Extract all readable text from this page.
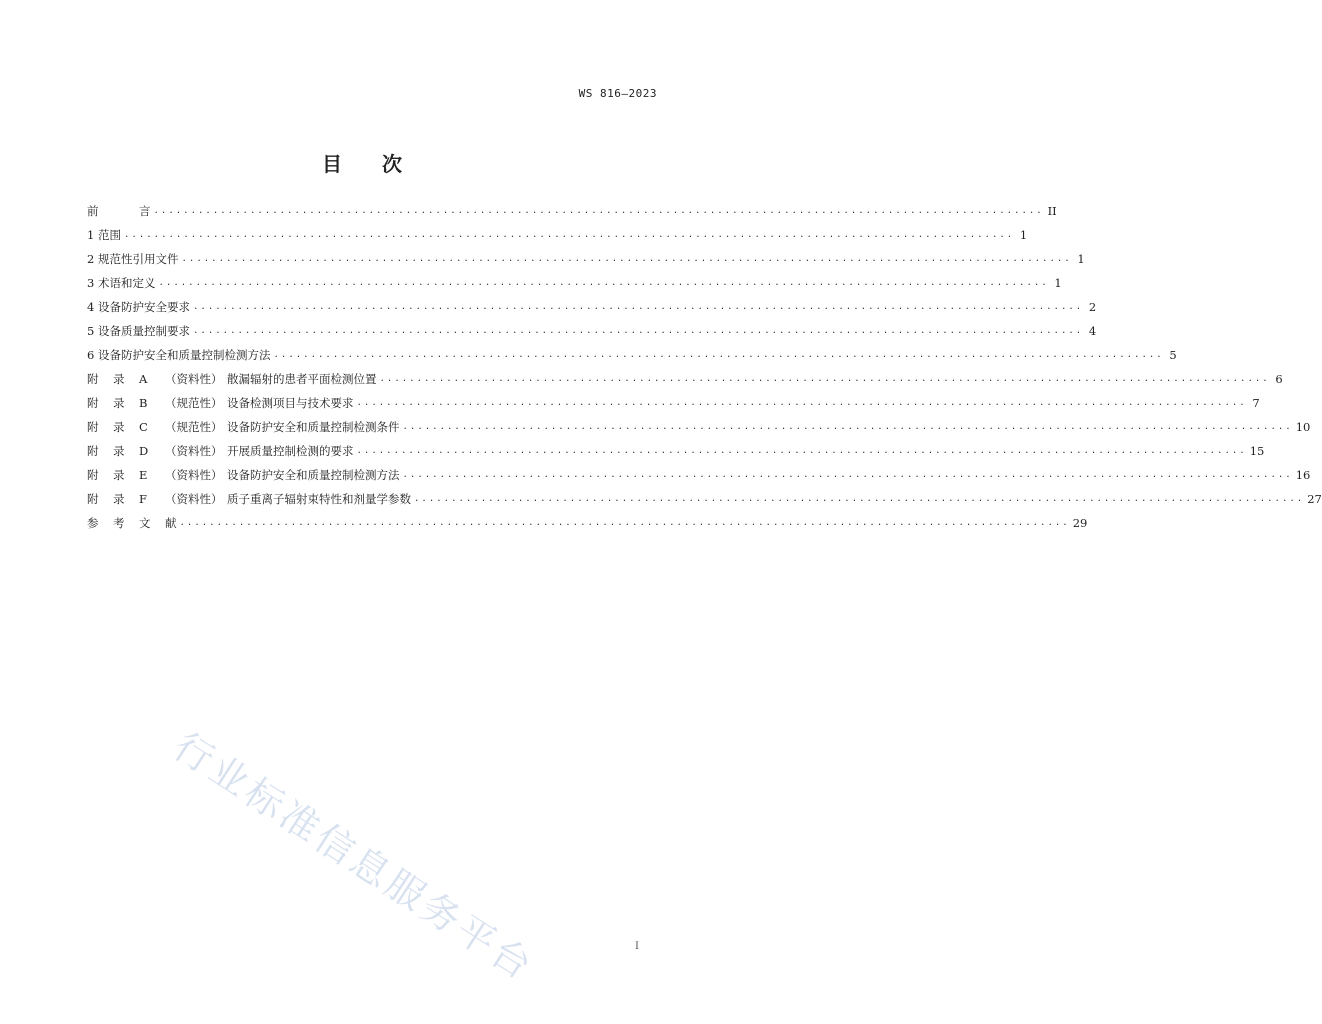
WS 816—2023
目 次
前	言 ........................................................................................................................ II
1 范围 ........................................................................................................................ 1
2 规范性引用文件 ........................................................................................................................ 1
3 术语和定义 ........................................................................................................................ 1
4 设备防护安全要求 ........................................................................................................................ 2
5 设备质量控制要求 ........................................................................................................................ 4
6 设备防护安全和质量控制检测方法 ........................................................................................................................ 5
附 录 A （资料性） 散漏辐射的患者平面检测位置 ........................................................................................................................ 6
附 录 B （规范性） 设备检测项目与技术要求 ........................................................................................................................ 7
附 录 C （规范性） 设备防护安全和质量控制检测条件 ........................................................................................................................ 10
附 录 D （资料性） 开展质量控制检测的要求 ........................................................................................................................ 15
附 录 E （资料性） 设备防护安全和质量控制检测方法 ........................................................................................................................ 16
附 录 F （资料性） 质子重离子辐射束特性和剂量学参数 ........................................................................................................................ 27
参 考 文 献 ........................................................................................................................ 29
行业标准信息服务平台	I
